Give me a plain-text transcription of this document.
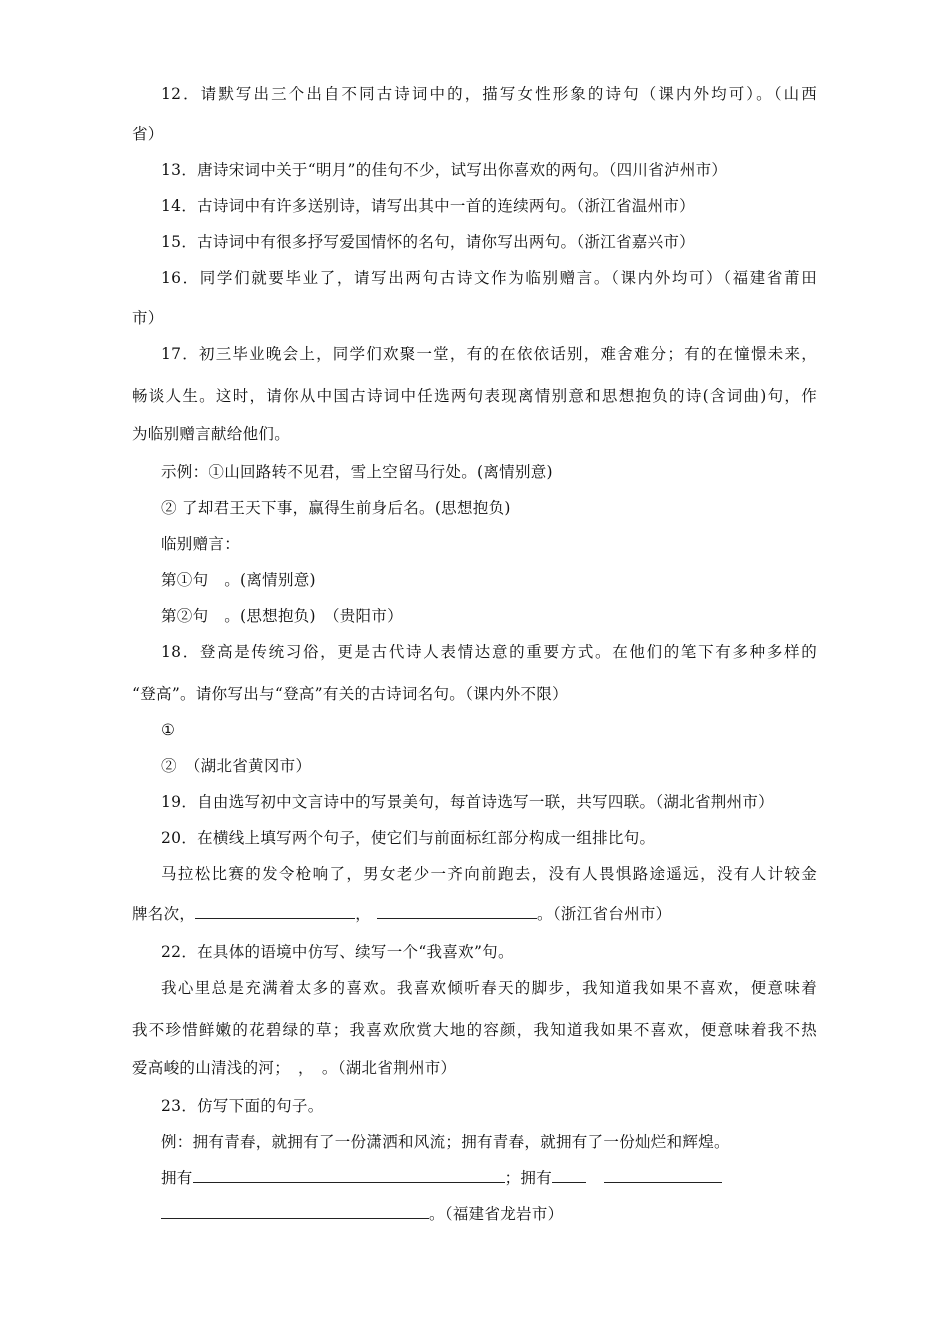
12．请默写出三个出自不同古诗词中的，描写女性形象的诗句（课内外均可）。（山西
省）
13．唐诗宋词中关于“明月”的佳句不少，试写出你喜欢的两句。（四川省泸州市）
14．古诗词中有许多送别诗，请写出其中一首的连续两句。（浙江省温州市）
15．古诗词中有很多抒写爱国情怀的名句，请你写出两句。（浙江省嘉兴市）
16．同学们就要毕业了，请写出两句古诗文作为临别赠言。（课内外均可）（福建省莆田
市）
17．初三毕业晚会上，同学们欢聚一堂，有的在依依话别，难舍难分；有的在憧憬未来，
畅谈人生。这时，请你从中国古诗词中任选两句表现离情别意和思想抱负的诗(含词曲)句，作
为临别赠言献给他们。
示例：①山回路转不见君，雪上空留马行处。(离情别意)
② 了却君王天下事，赢得生前身后名。(思想抱负)
临别赠言：
第①句　。(离情别意)
第②句　。(思想抱负)　（贵阳市）
18．登高是传统习俗，更是古代诗人表情达意的重要方式。在他们的笔下有多种多样的
“登高”。请你写出与“登高”有关的古诗词名句。（课内外不限）
①
②　（湖北省黄冈市）
19．自由选写初中文言诗中的写景美句，每首诗选写一联，共写四联。（湖北省荆州市）
20．在横线上填写两个句子，使它们与前面标红部分构成一组排比句。
马拉松比赛的发令枪响了，男女老少一齐向前跑去，没有人畏惧路途遥远，没有人计较金
牌名次，	，	。（浙江省台州市）
22．在具体的语境中仿写、续写一个“我喜欢”句。
我心里总是充满着太多的喜欢。我喜欢倾听春天的脚步，我知道我如果不喜欢，便意味着
我不珍惜鲜嫩的花碧绿的草；我喜欢欣赏大地的容颜，我知道我如果不喜欢，便意味着我不热
爱高峻的山清浅的河；　，　。（湖北省荆州市）
23．仿写下面的句子。
例：拥有青春，就拥有了一份潇洒和风流；拥有青春，就拥有了一份灿烂和辉煌。
拥有	；拥有
。（福建省龙岩市）
